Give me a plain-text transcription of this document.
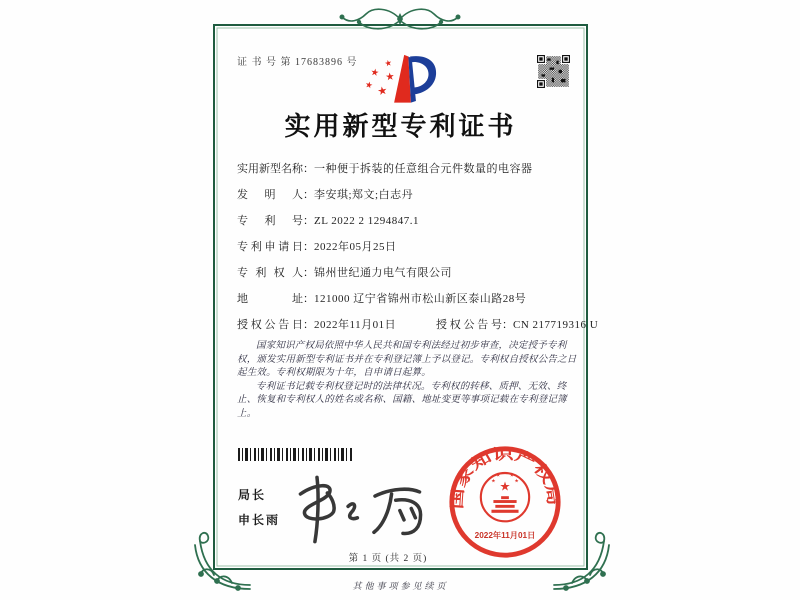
证 书 号 第 17683896 号
实用新型专利证书
实用新型名称：一种便于拆装的任意组合元件数量的电容器
发明人：李安琪;郑文;白志丹
专利号：ZL 2022 2 1294847.1
专利申请日：2022年05月25日
专利权人：锦州世纪通力电气有限公司
地址：121000 辽宁省锦州市松山新区泰山路28号
授权公告日：2022年11月01日	授权公告号：CN 217719316 U

国家知识产权局依照中华人民共和国专利法经过初步审查，决定授予专利权，颁发实用新型专利证书并在专利登记簿上予以登记。专利权自授权公告之日起生效。专利权期限为十年，自申请日起算。

专利证书记载专利权登记时的法律状况。专利权的转移、质押、无效、终止、恢复和专利权人的姓名或名称、国籍、地址变更等事项记载在专利登记簿上。

局长
申长雨
国家知识产权局
2022年11月01日
第 1 页 (共 2 页)
其他事项参见续页
